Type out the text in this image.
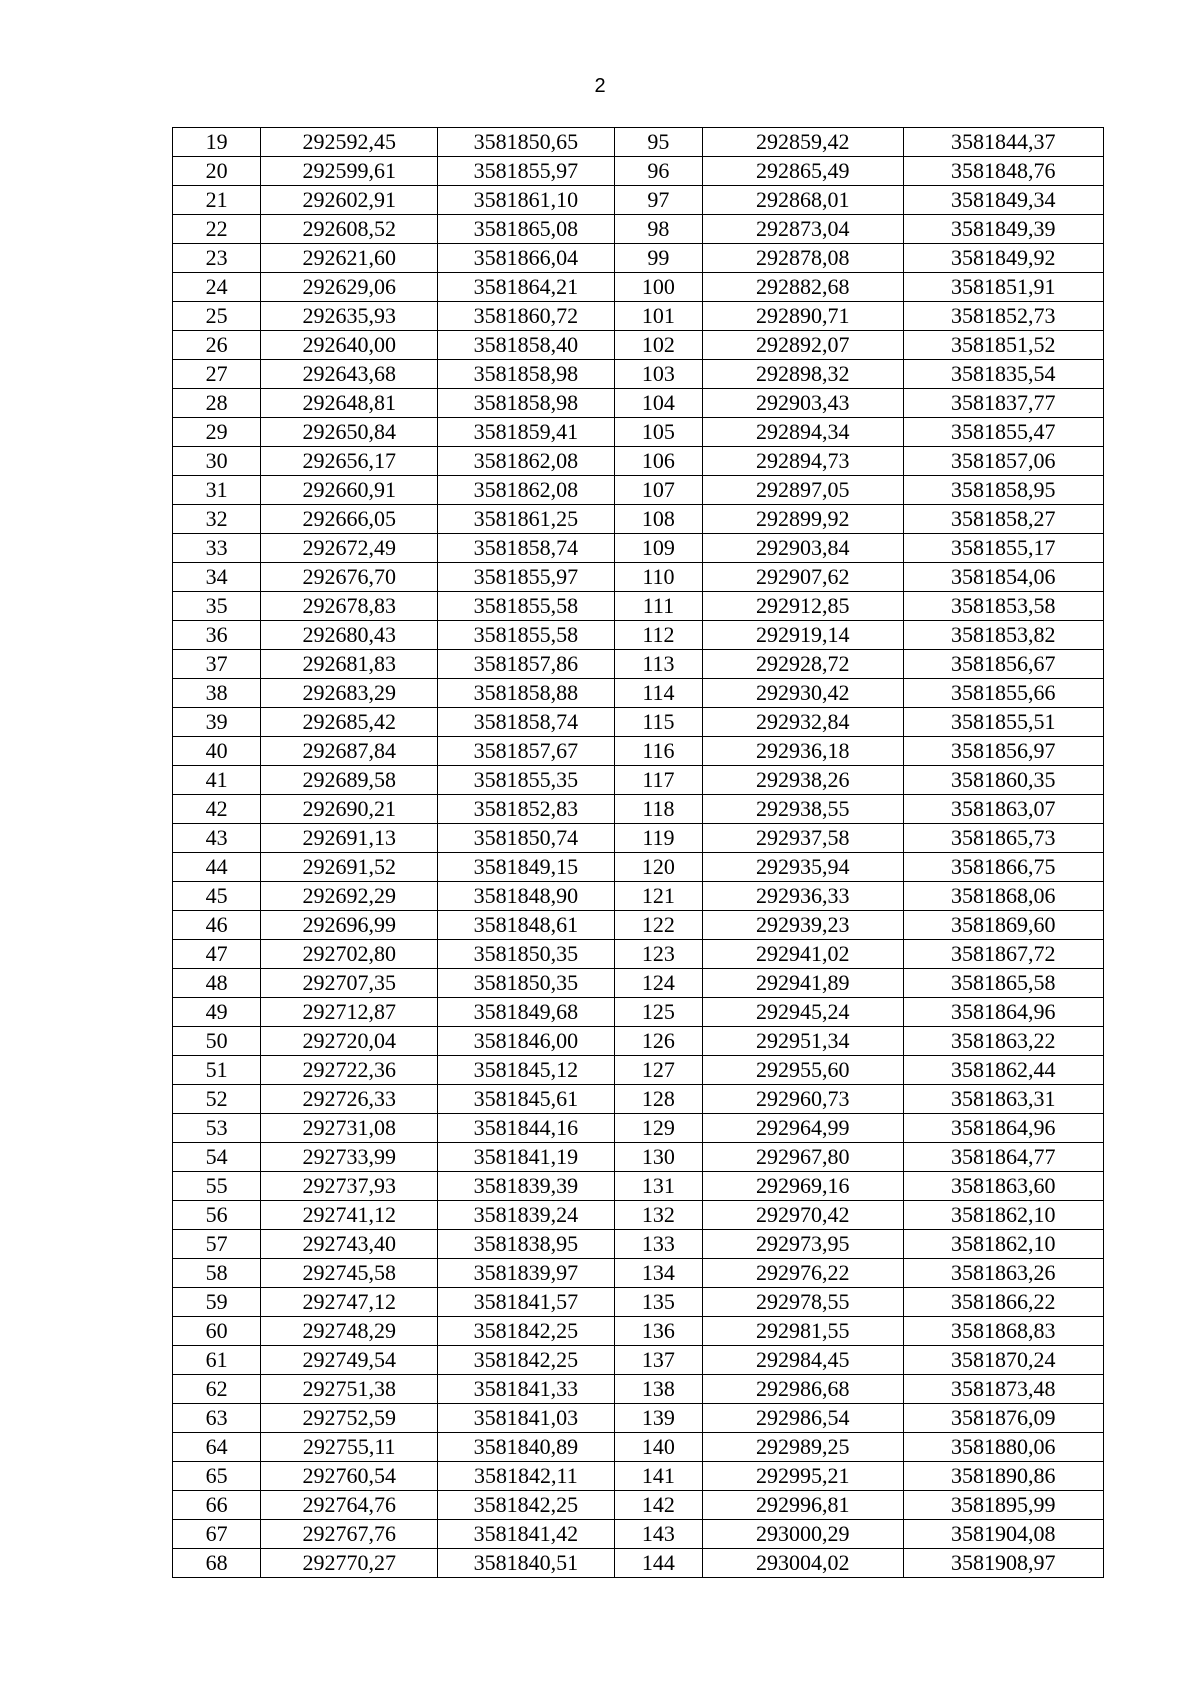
2
19	292592,45	3581850,65	95	292859,42	3581844,37
20	292599,61	3581855,97	96	292865,49	3581848,76
21	292602,91	3581861,10	97	292868,01	3581849,34
22	292608,52	3581865,08	98	292873,04	3581849,39
23	292621,60	3581866,04	99	292878,08	3581849,92
24	292629,06	3581864,21	100	292882,68	3581851,91
25	292635,93	3581860,72	101	292890,71	3581852,73
26	292640,00	3581858,40	102	292892,07	3581851,52
27	292643,68	3581858,98	103	292898,32	3581835,54
28	292648,81	3581858,98	104	292903,43	3581837,77
29	292650,84	3581859,41	105	292894,34	3581855,47
30	292656,17	3581862,08	106	292894,73	3581857,06
31	292660,91	3581862,08	107	292897,05	3581858,95
32	292666,05	3581861,25	108	292899,92	3581858,27
33	292672,49	3581858,74	109	292903,84	3581855,17
34	292676,70	3581855,97	110	292907,62	3581854,06
35	292678,83	3581855,58	111	292912,85	3581853,58
36	292680,43	3581855,58	112	292919,14	3581853,82
37	292681,83	3581857,86	113	292928,72	3581856,67
38	292683,29	3581858,88	114	292930,42	3581855,66
39	292685,42	3581858,74	115	292932,84	3581855,51
40	292687,84	3581857,67	116	292936,18	3581856,97
41	292689,58	3581855,35	117	292938,26	3581860,35
42	292690,21	3581852,83	118	292938,55	3581863,07
43	292691,13	3581850,74	119	292937,58	3581865,73
44	292691,52	3581849,15	120	292935,94	3581866,75
45	292692,29	3581848,90	121	292936,33	3581868,06
46	292696,99	3581848,61	122	292939,23	3581869,60
47	292702,80	3581850,35	123	292941,02	3581867,72
48	292707,35	3581850,35	124	292941,89	3581865,58
49	292712,87	3581849,68	125	292945,24	3581864,96
50	292720,04	3581846,00	126	292951,34	3581863,22
51	292722,36	3581845,12	127	292955,60	3581862,44
52	292726,33	3581845,61	128	292960,73	3581863,31
53	292731,08	3581844,16	129	292964,99	3581864,96
54	292733,99	3581841,19	130	292967,80	3581864,77
55	292737,93	3581839,39	131	292969,16	3581863,60
56	292741,12	3581839,24	132	292970,42	3581862,10
57	292743,40	3581838,95	133	292973,95	3581862,10
58	292745,58	3581839,97	134	292976,22	3581863,26
59	292747,12	3581841,57	135	292978,55	3581866,22
60	292748,29	3581842,25	136	292981,55	3581868,83
61	292749,54	3581842,25	137	292984,45	3581870,24
62	292751,38	3581841,33	138	292986,68	3581873,48
63	292752,59	3581841,03	139	292986,54	3581876,09
64	292755,11	3581840,89	140	292989,25	3581880,06
65	292760,54	3581842,11	141	292995,21	3581890,86
66	292764,76	3581842,25	142	292996,81	3581895,99
67	292767,76	3581841,42	143	293000,29	3581904,08
68	292770,27	3581840,51	144	293004,02	3581908,97
